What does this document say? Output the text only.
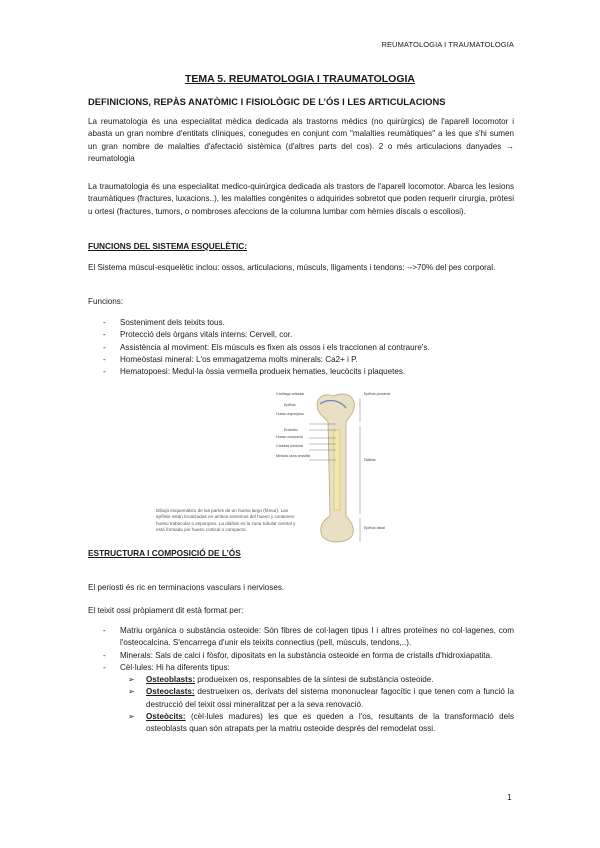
REUMATOLOGIA I TRAUMATOLOGIA
TEMA 5. REUMATOLOGIA I TRAUMATOLOGIA
DEFINICIONS, REPÀS ANATÒMIC I FISIOLÒGIC DE L’ÓS I LES ARTICULACIONS

La reumatologia és una especialitat mèdica dedicada als trastorns mèdics (no quirúrgics) de l'aparell locomotor i abasta un gran nombre d'entitats clíniques, conegudes en conjunt com "malalties reumàtiques" a les que s'hi sumen un gran nombre de malalties d'afectació sistèmica (d'altres parts del cos). 2 o més articulacions danyades → reumatologia

La traumatologia és una especialitat medico-quirúrgica dedicada als trastors de l'aparell locomotor. Abarca les lesions traumàtiques (fractures, luxacions..), les malalties congènites o adquirides sobretot que poden requerir cirurgia, pròtesi u ortesi (fractures, tumors, o nombroses afeccions de la columna lumbar com hèrnies discals o escoliosi).

FUNCIONS DEL SISTEMA ESQUELÈTIC:

El Sistema múscul-esquelètic inclou: ossos, articulacions, músculs, lligaments i tendons: -->70% del pes corporal.

Funcions:

- Sosteniment dels teixits tous.
- Protecció dels òrgans vitals interns: Cervell, cor.
- Assistència al moviment: Els músculs es fixen als ossos i els traccionen al contraure's.
- Homeòstasi mineral: L'os emmagatzema molts minerals: Ca2+ i P.
- Hematopoesi: Medul·la òssia vermella produeix hematies, leucòcits i plaquetes.
Cartílago articular
Epífisis
Hueso esponjoso
Endostio
Hueso compacto
Cavidad medular
Médula ósea amarilla
Epífisis proximal
Diáfisis
Epífisis distal
Dibujo esquemático de las partes de un hueso largo (fémur). Las epífisis están localizadas en ambos extremos del hueso y contienen hueso trabecular o esponjoso. La diáfisis es la zona tubular central y está formada por hueso cortical o compacto.
ESTRUCTURA I COMPOSICIÓ DE L’ÓS

El periosti és ric en terminacions vasculars i nervioses.

El teixit ossi pròpiament dit està format per:

- Matriu orgànica o substància osteoide: Són fibres de col·lagen tipus I i altres proteïnes no col·lagenes, com l'osteocalcina. S'encarrega d'unir els teixits connectius (pell, músculs, tendons,..).
- Minerals: Sals de calci i fòsfor, dipositats en la substància osteoide en forma de cristalls d'hidroxiapatita.
- Cèl·lules: Hi ha diferents tipus:
➢ Osteoblasts: produeixen os, responsables de la síntesi de substància osteoide.
➢ Osteoclasts: destrueixen os, derivats del sistema mononuclear fagocític i que tenen com a funció la destrucció del teixit ossi mineralitzat per a la seva renovació.
➢ Osteòcits: (cèl·lules madures) les que es queden a l'os, resultants de la transformació dels osteoblasts quan són atrapats per la matriu osteoide després del remodelat ossi.
1
